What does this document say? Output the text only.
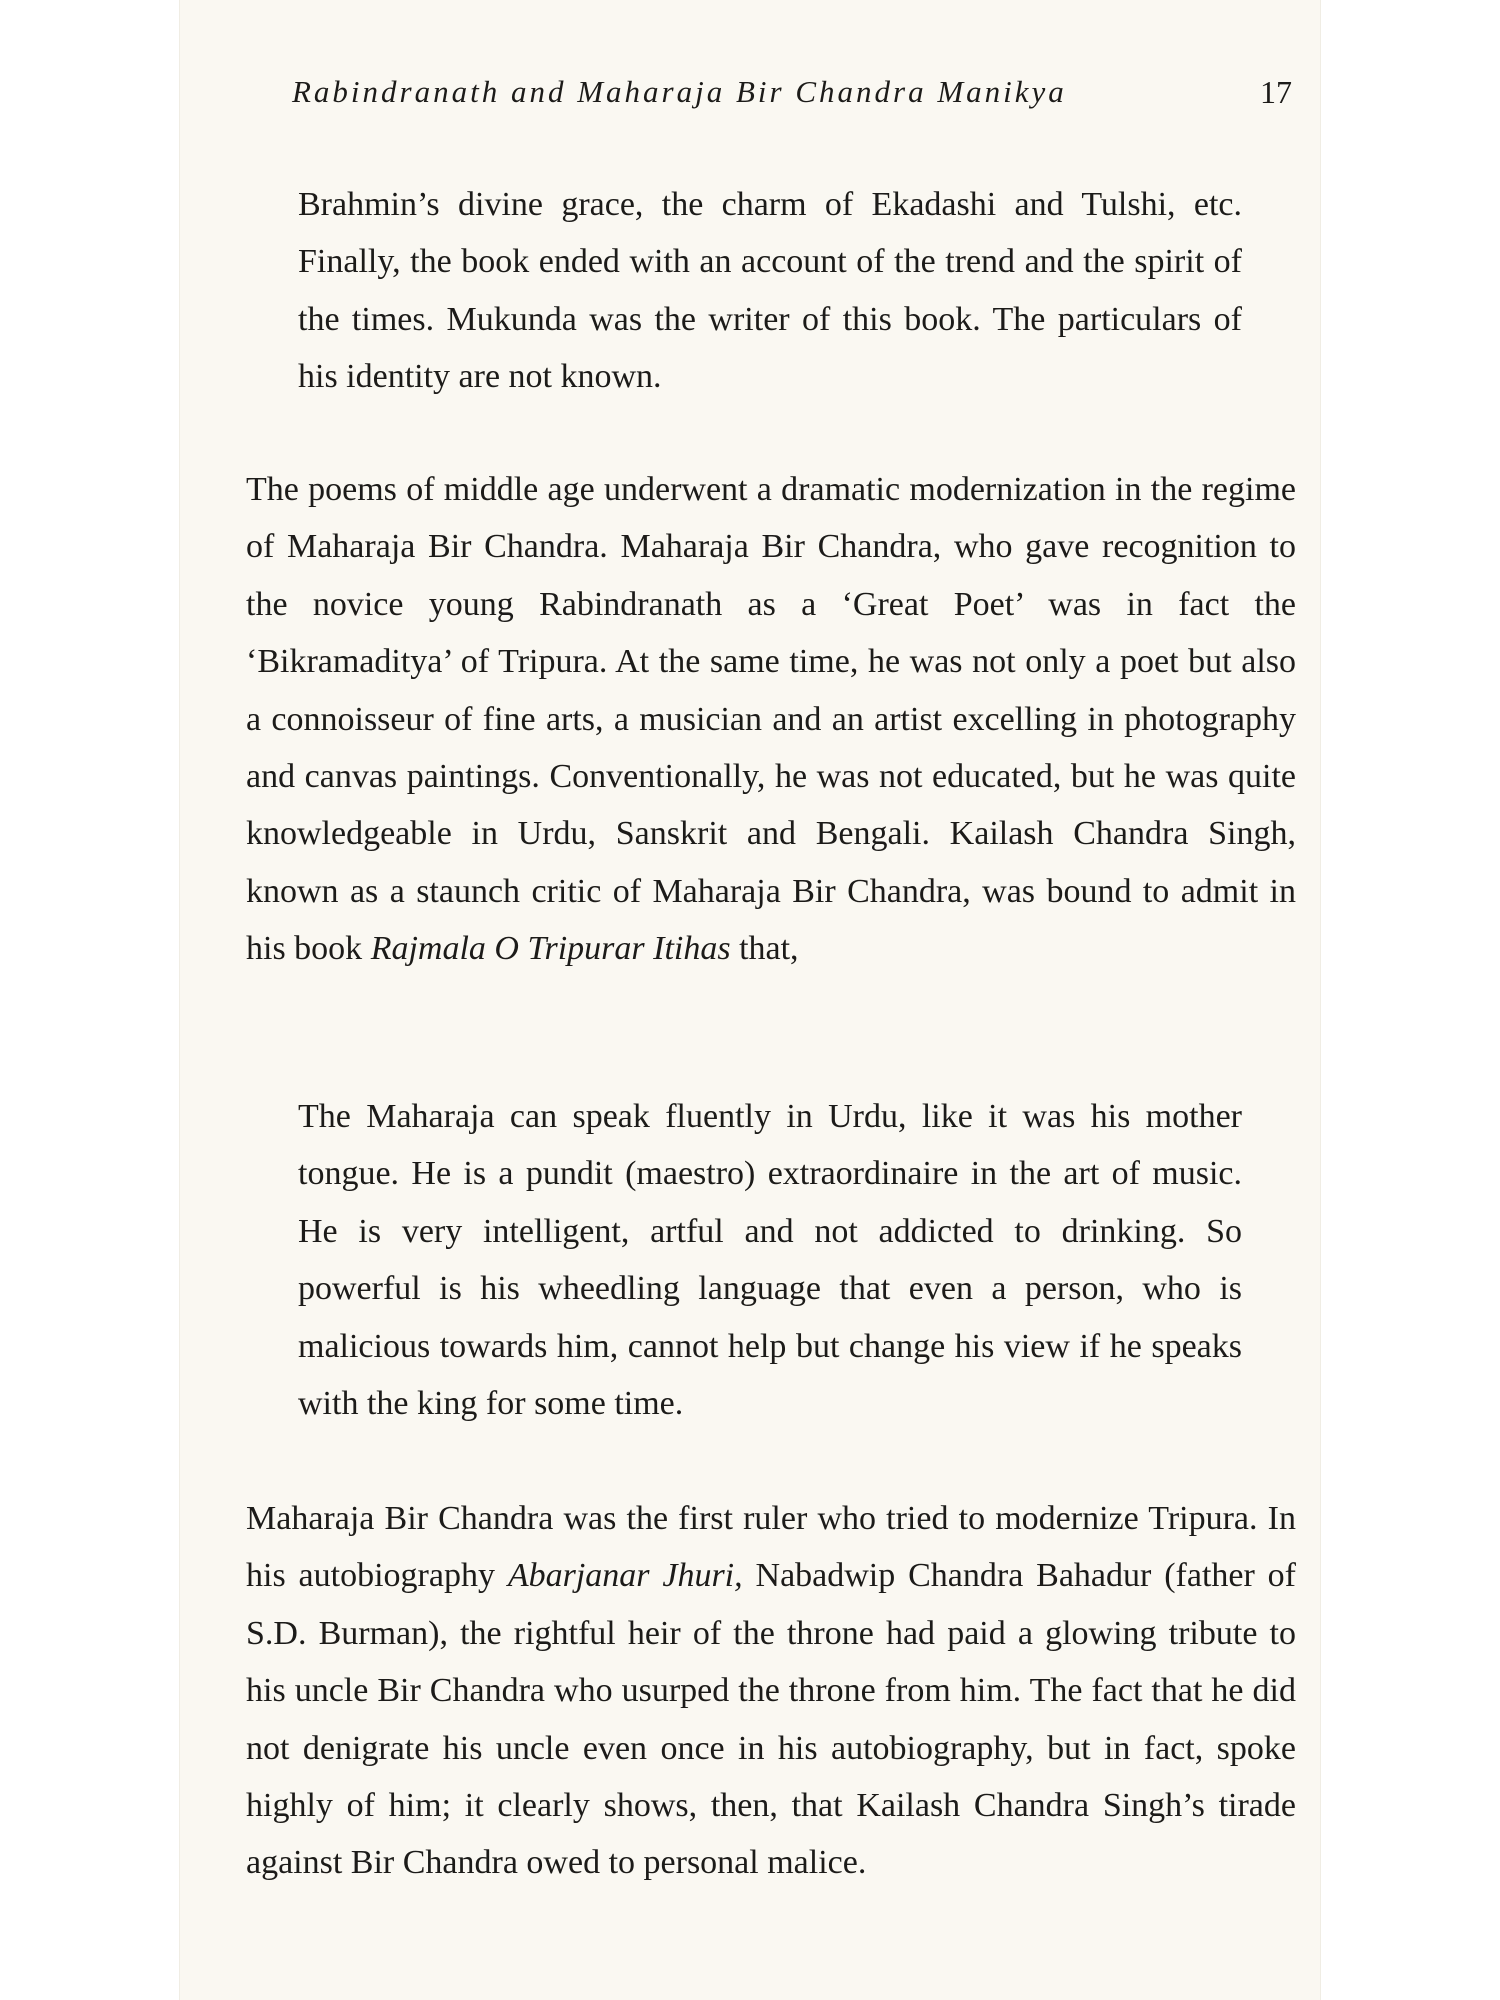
Rabindranath and Maharaja Bir Chandra Manikya	17

Brahmin’s divine grace, the charm of Ekadashi and Tulshi, etc. Finally, the book ended with an account of the trend and the spirit of the times. Mukunda was the writer of this book. The particulars of his identity are not known.

The poems of middle age underwent a dramatic modernization in the regime of Maharaja Bir Chandra. Maharaja Bir Chandra, who gave recognition to the novice young Rabindranath as a ‘Great Poet’ was in fact the ‘Bikramaditya’ of Tripura. At the same time, he was not only a poet but also a connoisseur of fine arts, a musician and an artist excelling in photography and canvas paintings. Conventionally, he was not educated, but he was quite knowledgeable in Urdu, Sanskrit and Bengali. Kailash Chandra Singh, known as a staunch critic of Maharaja Bir Chandra, was bound to admit in his book Rajmala O Tripurar Itihas that,

The Maharaja can speak fluently in Urdu, like it was his mother tongue. He is a pundit (maestro) extraordinaire in the art of music. He is very intelligent, artful and not addicted to drinking. So powerful is his wheedling language that even a person, who is malicious towards him, cannot help but change his view if he speaks with the king for some time.

Maharaja Bir Chandra was the first ruler who tried to modernize Tripura. In his autobiography Abarjanar Jhuri, Nabadwip Chandra Bahadur (father of S.D. Burman), the rightful heir of the throne had paid a glowing tribute to his uncle Bir Chandra who usurped the throne from him. The fact that he did not denigrate his uncle even once in his autobiography, but in fact, spoke highly of him; it clearly shows, then, that Kailash Chandra Singh’s tirade against Bir Chandra owed to personal malice.
